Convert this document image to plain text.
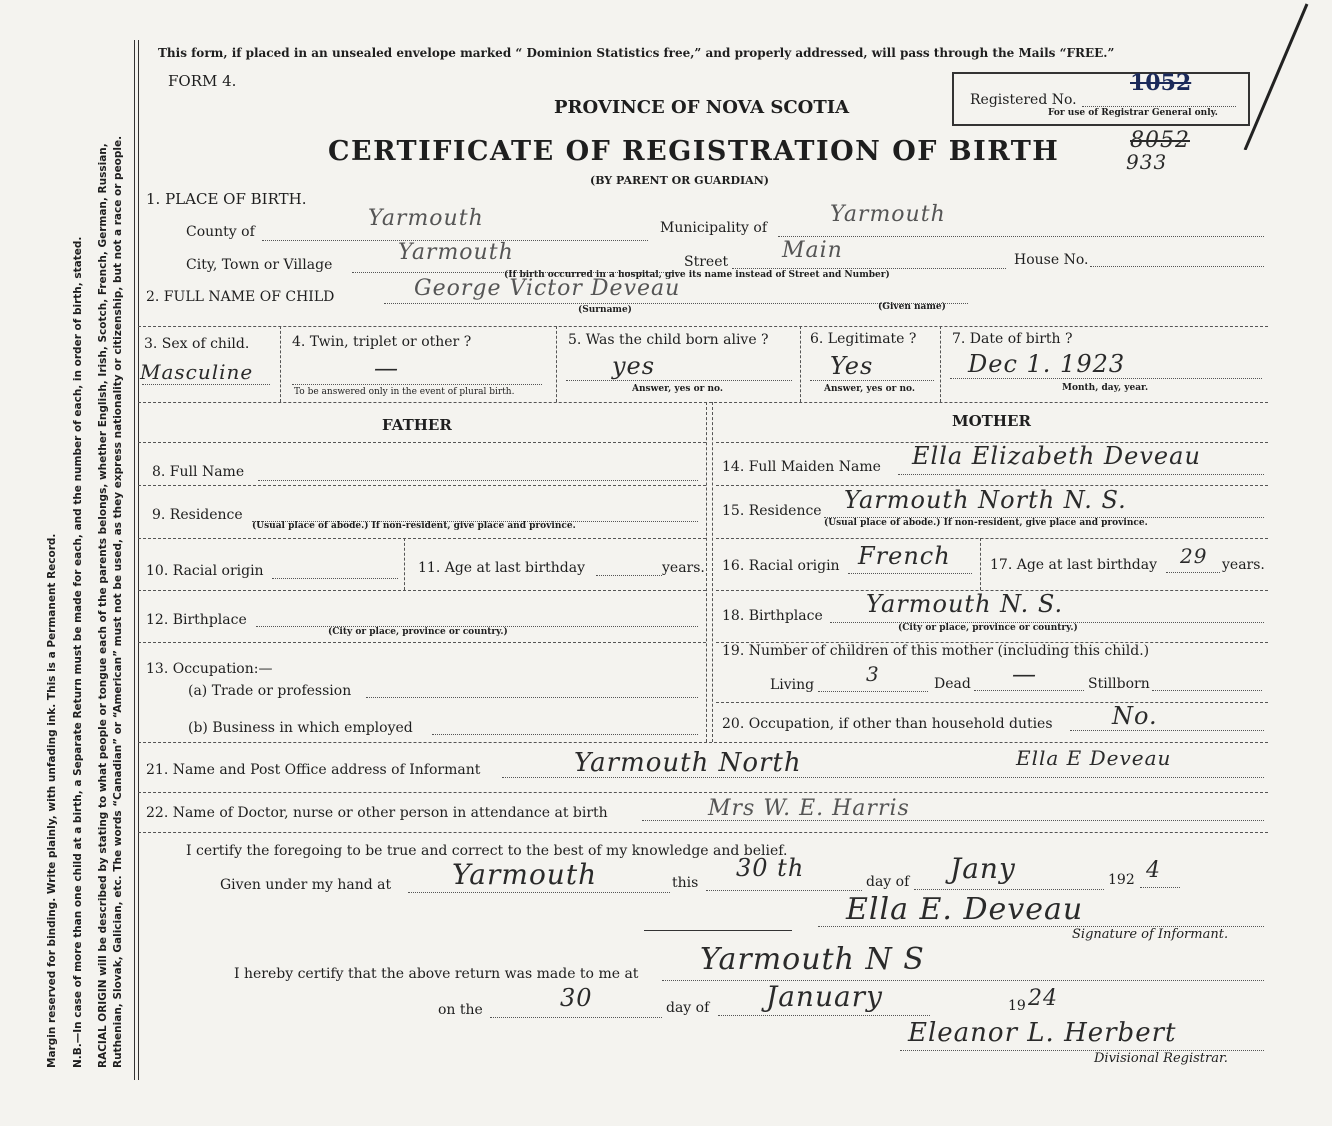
Margin reserved for binding. Write plainly, with unfading ink. This is a Permanent Record. N.B.—In case of more than one child at a birth, a Separate Return must be made for each, and the number of each, in order of birth, stated. RACIAL ORIGIN will be described by stating to what people or tongue each of the parents belongs, whether English, Irish, Scotch, French, German, Russian, Ruthenian, Slovak, Galician, etc. The words “Canadian” or “American” must not be used, as they express nationality or citizenship, but not a race or people.
This form, if placed in an unsealed envelope marked “ Dominion Statistics free,” and properly addressed, will pass through the Mails “FREE.”
FORM 4.
PROVINCE OF NOVA SCOTIA
CERTIFICATE OF REGISTRATION OF BIRTH
(BY PARENT OR GUARDIAN)
Registered No.
For use of Registrar General only.
1052
8052
933
1. PLACE OF BIRTH.
County of
Yarmouth	Municipality of
Yarmouth
City, Town or Village	Yarmouth	Street Main	House No.
(If birth occurred in a hospital, give its name instead of Street and Number)
2. FULL NAME OF CHILD	George Victor Deveau
(Surname)	(Given name)
3. Sex of child.
Masculine
4. Twin, triplet or other ?
—
To be answered only in the event of plural birth.
5. Was the child born alive ?
yes
Answer, yes or no.
6. Legitimate ?
Yes
Answer, yes or no.
7. Date of birth ?
Dec 1. 1923
Month, day, year.
FATHER	MOTHER
8. Full Name
9. Residence
(Usual place of abode.) If non-resident, give place and province.
10. Racial origin	11. Age at last birthday	years.
12. Birthplace
(City or place, province or country.)
13. Occupation:—
(a) Trade or profession
(b) Business in which employed
14. Full Maiden Name Ella Elizabeth Deveau
15. Residence Yarmouth North N. S.
(Usual place of abode.) If non-resident, give place and province.
16. Racial origin French	17. Age at last birthday 29 years.
18. Birthplace Yarmouth N. S.
(City or place, province or country.)
19. Number of children of this mother (including this child.)
Living	3	Dead —	Stillborn
20. Occupation, if other than household duties No.
21. Name and Post Office address of Informant	Yarmouth North	Ella E Deveau
22. Name of Doctor, nurse or other person in attendance at birth	Mrs W. E. Harris
I certify the foregoing to be true and correct to the best of my knowledge and belief.
Given under my hand at Yarmouth	this
30 th	day of Jany	192 4
Ella E. Deveau
Signature of Informant.
I hereby certify that the above return was made to me at Yarmouth N S
on the	30	day of January	19 24
Eleanor L. Herbert
Divisional Registrar.
